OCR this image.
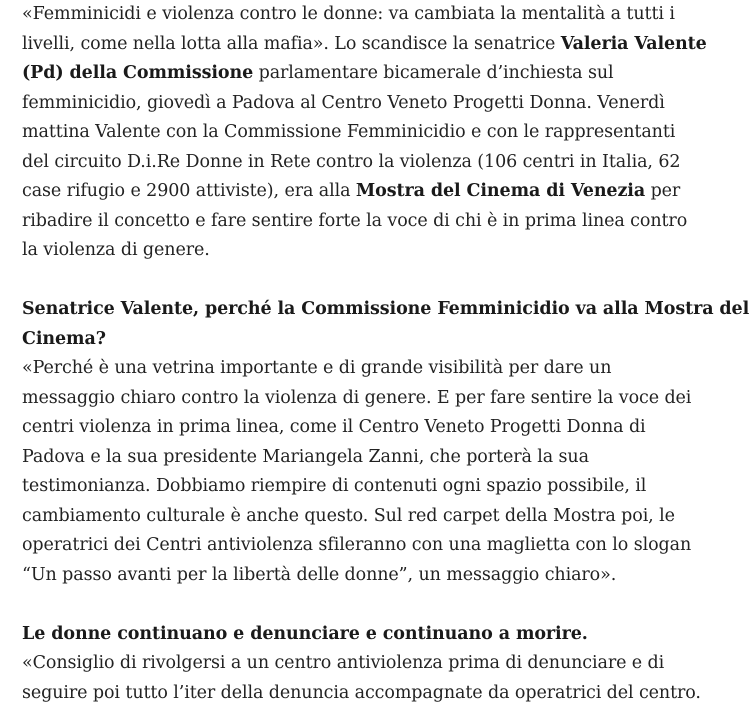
«Femminicidi e violenza contro le donne: va cambiata la mentalità a tutti i
livelli, come nella lotta alla mafia». Lo scandisce la senatrice Valeria Valente
(Pd) della Commissione parlamentare bicamerale d’inchiesta sul
femminicidio, giovedì a Padova al Centro Veneto Progetti Donna. Venerdì
mattina Valente con la Commissione Femminicidio e con le rappresentanti
del circuito D.i.Re Donne in Rete contro la violenza (106 centri in Italia, 62
case rifugio e 2900 attiviste), era alla Mostra del Cinema di Venezia per
ribadire il concetto e fare sentire forte la voce di chi è in prima linea contro
la violenza di genere.

Senatrice Valente, perché la Commissione Femminicidio va alla Mostra del
Cinema?
«Perché è una vetrina importante e di grande visibilità per dare un
messaggio chiaro contro la violenza di genere. E per fare sentire la voce dei
centri violenza in prima linea, come il Centro Veneto Progetti Donna di
Padova e la sua presidente Mariangela Zanni, che porterà la sua
testimonianza. Dobbiamo riempire di contenuti ogni spazio possibile, il
cambiamento culturale è anche questo. Sul red carpet della Mostra poi, le
operatrici dei Centri antiviolenza sfileranno con una maglietta con lo slogan
“Un passo avanti per la libertà delle donne”, un messaggio chiaro».
Le donne continuano e denunciare e continuano a morire.
«Consiglio di rivolgersi a un centro antiviolenza prima di denunciare e di
seguire poi tutto l’iter della denuncia accompagnate da operatrici del centro.
